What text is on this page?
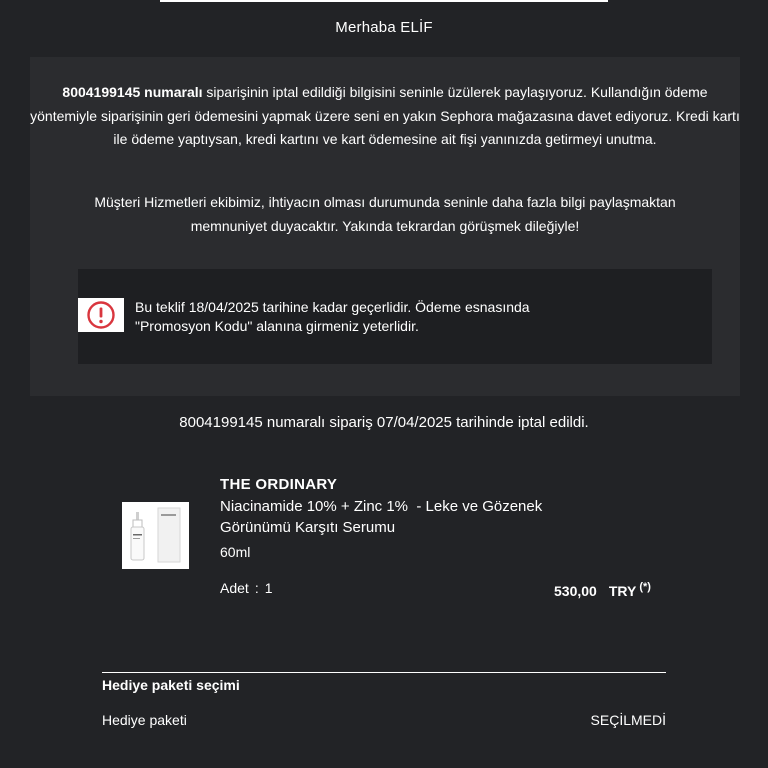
Merhaba ELİF
8004199145 numaralı siparişinin iptal edildiği bilgisini seninle üzülerek paylaşıyoruz. Kullandığın ödeme yöntemiyle siparişinin geri ödemesini yapmak üzere seni en yakın Sephora mağazasına davet ediyoruz. Kredi kartı ile ödeme yaptıysan, kredi kartını ve kart ödemesine ait fişi yanınızda getirmeyi unutma.
Müşteri Hizmetleri ekibimiz, ihtiyacın olması durumunda seninle daha fazla bilgi paylaşmaktan
memnuniyet duyacaktır. Yakında tekrardan görüşmek dileğiyle!
Bu teklif 18/04/2025 tarihine kadar geçerlidir. Ödeme esnasında
"Promosyon Kodu" alanına girmeniz yeterlidir.
8004199145 numaralı sipariş 07/04/2025 tarihinde iptal edildi.
THE ORDINARY
Niacinamide 10% + Zinc 1%  - Leke ve Gözenek
Görünümü Karşıtı Serumu
60ml
Adet : 1	530,00 TRY (*)
Hediye paketi seçimi
Hediye paketi	SEÇİLMEDİ
